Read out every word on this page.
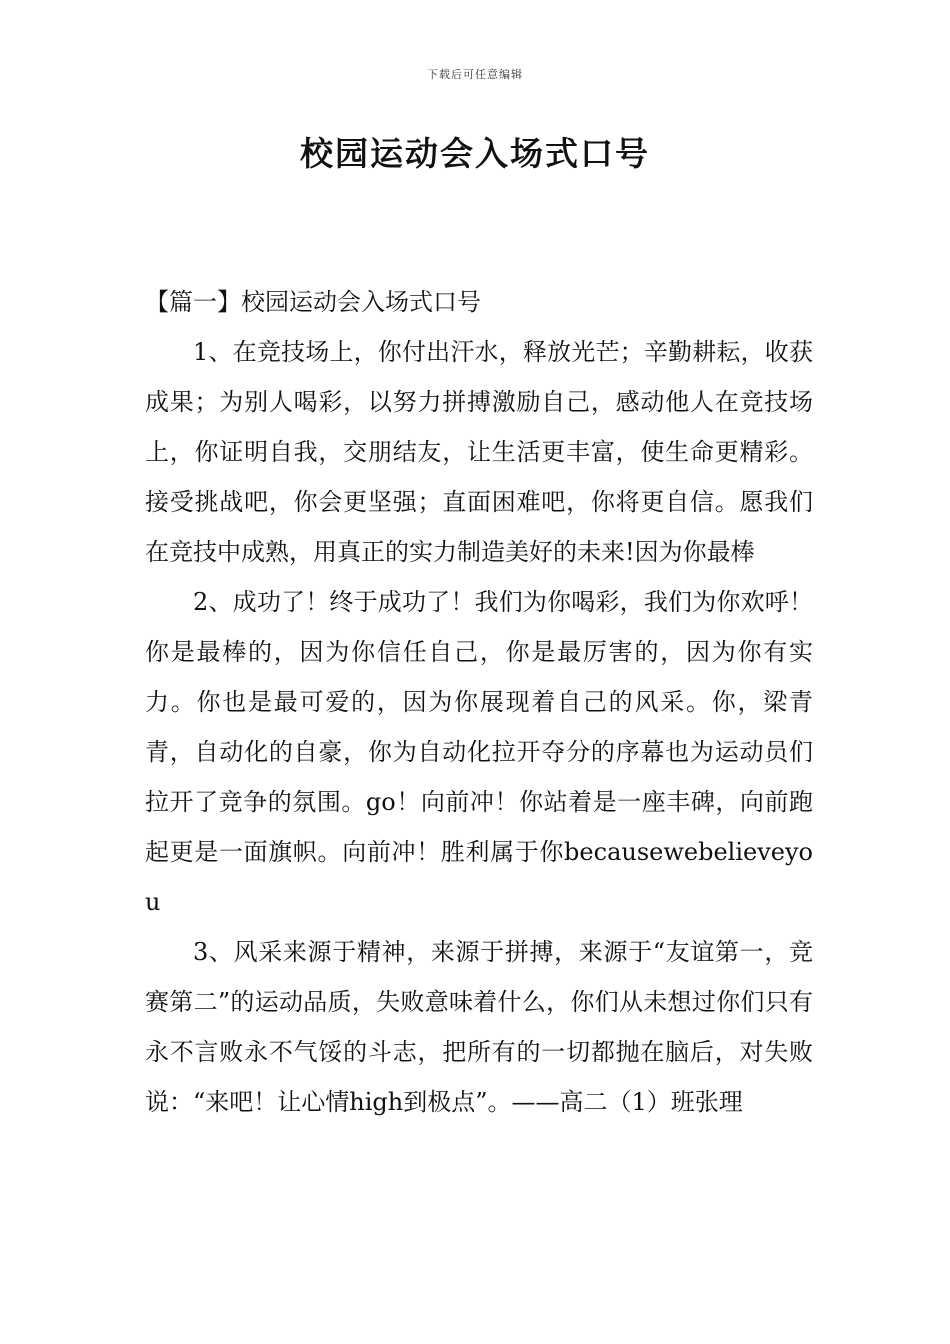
下载后可任意编辑
校园运动会入场式口号

【篇一】校园运动会入场式口号

1、在竞技场上，你付出汗水，释放光芒；辛勤耕耘，收获成果；为别人喝彩，以努力拼搏激励自己，感动他人在竞技场上，你证明自我，交朋结友，让生活更丰富，使生命更精彩。接受挑战吧，你会更坚强；直面困难吧，你将更自信。愿我们在竞技中成熟，用真正的实力制造美好的未来!因为你最棒

2、成功了！终于成功了！我们为你喝彩，我们为你欢呼！你是最棒的，因为你信任自己，你是最厉害的，因为你有实力。你也是最可爱的，因为你展现着自己的风采。你，梁青青，自动化的自豪，你为自动化拉开夺分的序幕也为运动员们拉开了竞争的氛围。go！向前冲！你站着是一座丰碑，向前跑起更是一面旗帜。向前冲！胜利属于你becausewebelieveyou

3、风采来源于精神，来源于拼搏，来源于“友谊第一，竞赛第二”的运动品质，失败意味着什么，你们从未想过你们只有永不言败永不气馁的斗志，把所有的一切都抛在脑后，对失败说：“来吧！让心情high到极点”。——高二（1）班张理
